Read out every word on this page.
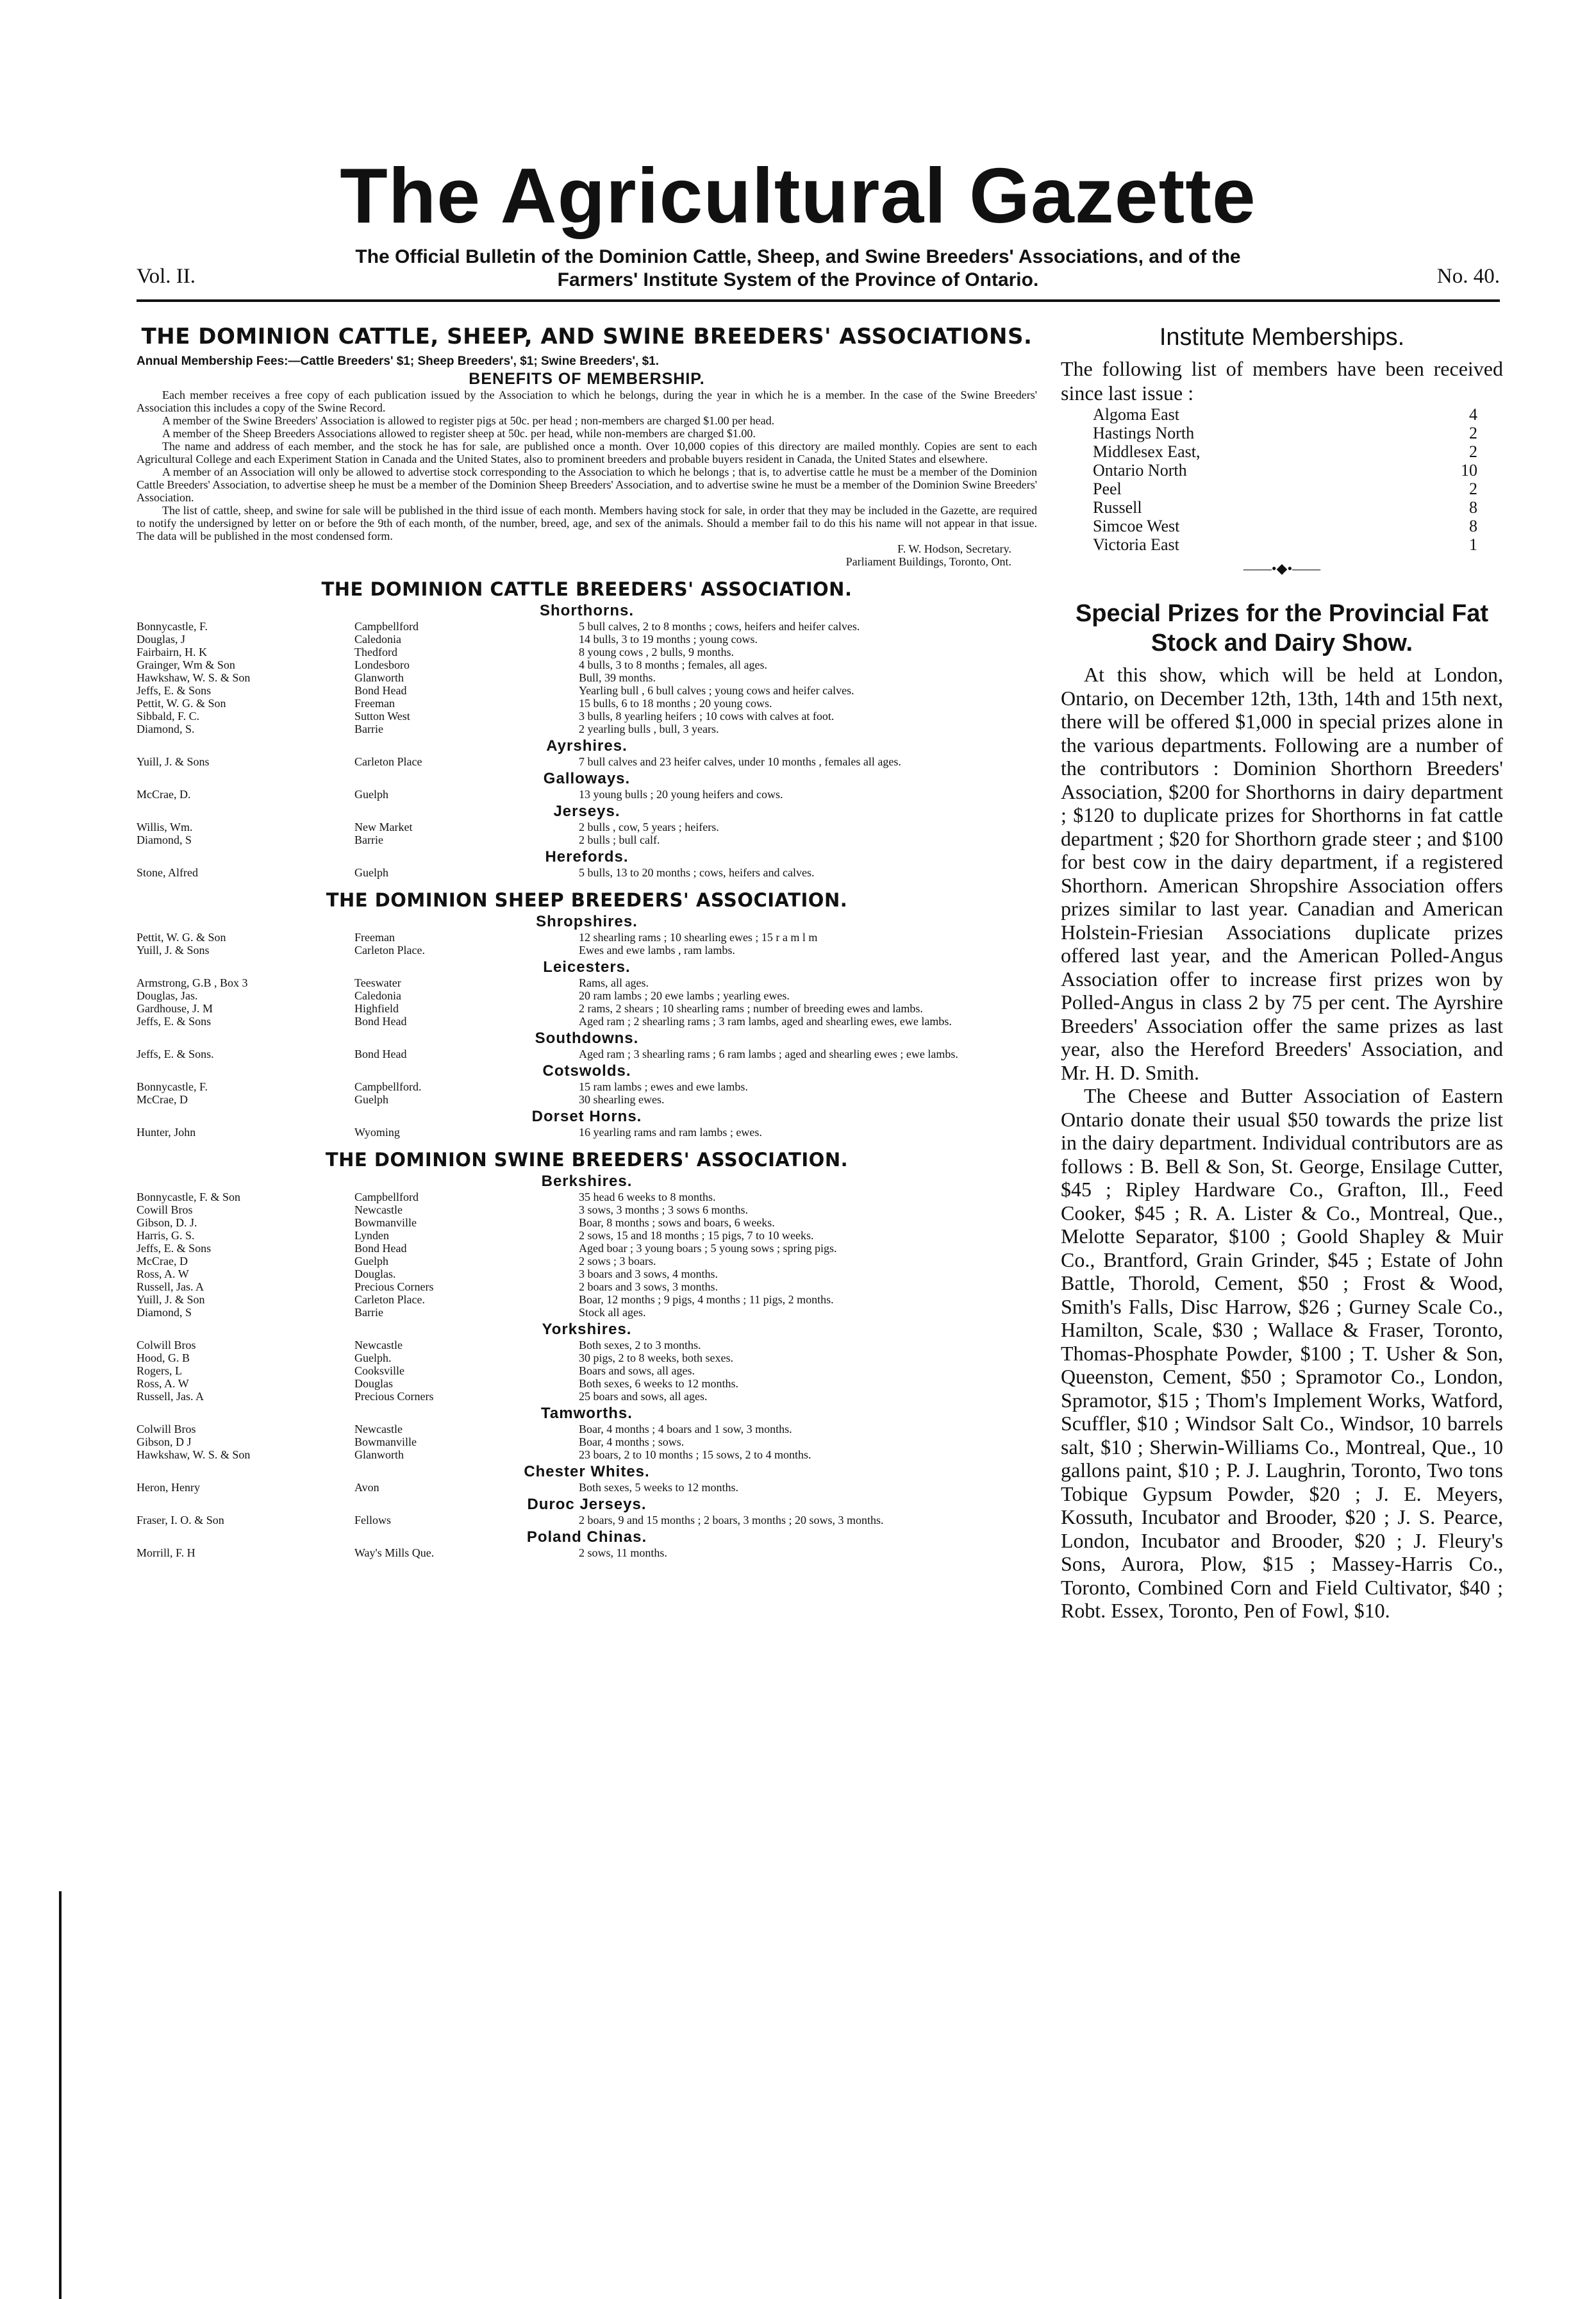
The Agricultural Gazette
The Official Bulletin of the Dominion Cattle, Sheep, and Swine Breeders' Associations, and of the
Farmers' Institute System of the Province of Ontario.
Vol. II.	No. 40.
THE DOMINION CATTLE, SHEEP, AND SWINE BREEDERS' ASSOCIATIONS.
Annual Membership Fees:—Cattle Breeders' $1; Sheep Breeders', $1; Swine Breeders', $1.
BENEFITS OF MEMBERSHIP.

Each member receives a free copy of each publication issued by the Association to which he belongs, during the year in which he is a member. In the case of the Swine Breeders' Association this includes a copy of the Swine Record.

A member of the Swine Breeders' Association is allowed to register pigs at 50c. per head ; non-members are charged $1.00 per head.

A member of the Sheep Breeders Associations allowed to register sheep at 50c. per head, while non-members are charged $1.00.

The name and address of each member, and the stock he has for sale, are published once a month. Over 10,000 copies of this directory are mailed monthly. Copies are sent to each Agricultural College and each Experiment Station in Canada and the United States, also to prominent breeders and probable buyers resident in Canada, the United States and elsewhere.

A member of an Association will only be allowed to advertise stock corresponding to the Association to which he belongs ; that is, to advertise cattle he must be a member of the Dominion Cattle Breeders' Association, to advertise sheep he must be a member of the Dominion Sheep Breeders' Association, and to advertise swine he must be a member of the Dominion Swine Breeders' Association.

The list of cattle, sheep, and swine for sale will be published in the third issue of each month. Members having stock for sale, in order that they may be included in the Gazette, are required to notify the undersigned by letter on or before the 9th of each month, of the number, breed, age, and sex of the animals. Should a member fail to do this his name will not appear in that issue. The data will be published in the most condensed form.

F. W. Hodson, Secretary.
Parliament Buildings, Toronto, Ont.
THE DOMINION CATTLE BREEDERS' ASSOCIATION.
Shorthorns.
Bonnycastle, F.	Campbellford	5 bull calves, 2 to 8 months ; cows, heifers and heifer calves.
Douglas, J	Caledonia	14 bulls, 3 to 19 months ; young cows.
Fairbairn, H. K	Thedford	8 young cows , 2 bulls, 9 months.
Grainger, Wm & Son	Londesboro	4 bulls, 3 to 8 months ; females, all ages.
Hawkshaw, W. S. & Son	Glanworth	Bull, 39 months.
Jeffs, E. & Sons	Bond Head	Yearling bull , 6 bull calves ; young cows and heifer calves.
Pettit, W. G. & Son	Freeman	15 bulls, 6 to 18 months ; 20 young cows.
Sibbald, F. C.	Sutton West	3 bulls, 8 yearling heifers ; 10 cows with calves at foot.
Diamond, S.	Barrie	2 yearling bulls , bull, 3 years.
Ayrshires.
Yuill, J. & Sons	Carleton Place	7 bull calves and 23 heifer calves, under 10 months , females all ages.
Galloways.
McCrae, D.	Guelph	13 young bulls ; 20 young heifers and cows.
Jerseys.
Willis, Wm.	New Market	2 bulls , cow, 5 years ; heifers.
Diamond, S	Barrie	2 bulls ; bull calf.
Herefords.
Stone, Alfred	Guelph	5 bulls, 13 to 20 months ; cows, heifers and calves.
THE DOMINION SHEEP BREEDERS' ASSOCIATION.
Shropshires.
Pettit, W. G. & Son	Freeman	12 shearling rams ; 10 shearling ewes ; 15 r a m l m
Yuill, J. & Sons	Carleton Place.	Ewes and ewe lambs , ram lambs.
Leicesters.
Armstrong, G.B , Box 3	Teeswater	Rams, all ages.
Douglas, Jas.	Caledonia	20 ram lambs ; 20 ewe lambs ; yearling ewes.
Gardhouse, J. M	Highfield	2 rams, 2 shears ; 10 shearling rams ; number of breeding ewes and lambs.
Jeffs, E. & Sons	Bond Head	Aged ram ; 2 shearling rams ; 3 ram lambs, aged and shearling ewes, ewe lambs.
Southdowns.
Jeffs, E. & Sons.	Bond Head	Aged ram ; 3 shearling rams ; 6 ram lambs ; aged and shearling ewes ; ewe lambs.
Cotswolds.
Bonnycastle, F.	Campbellford.	15 ram lambs ; ewes and ewe lambs.
McCrae, D	Guelph	30 shearling ewes.
Dorset Horns.
Hunter, John	Wyoming	16 yearling rams and ram lambs ; ewes.
THE DOMINION SWINE BREEDERS' ASSOCIATION.
Berkshires.
Bonnycastle, F. & Son	Campbellford	35 head 6 weeks to 8 months.
Cowill Bros	Newcastle	3 sows, 3 months ; 3 sows 6 months.
Gibson, D. J.	Bowmanville	Boar, 8 months ; sows and boars, 6 weeks.
Harris, G. S.	Lynden	2 sows, 15 and 18 months ; 15 pigs, 7 to 10 weeks.
Jeffs, E. & Sons	Bond Head	Aged boar ; 3 young boars ; 5 young sows ; spring pigs.
McCrae, D	Guelph	2 sows ; 3 boars.
Ross, A. W	Douglas.	3 boars and 3 sows, 4 months.
Russell, Jas. A	Precious Corners	2 boars and 3 sows, 3 months.
Yuill, J. & Son	Carleton Place.	Boar, 12 months ; 9 pigs, 4 months ; 11 pigs, 2 months.
Diamond, S	Barrie	Stock all ages.
Yorkshires.
Colwill Bros	Newcastle	Both sexes, 2 to 3 months.
Hood, G. B	Guelph.	30 pigs, 2 to 8 weeks, both sexes.
Rogers, L	Cooksville	Boars and sows, all ages.
Ross, A. W	Douglas	Both sexes, 6 weeks to 12 months.
Russell, Jas. A	Precious Corners	25 boars and sows, all ages.
Tamworths.
Colwill Bros	Newcastle	Boar, 4 months ; 4 boars and 1 sow, 3 months.
Gibson, D J	Bowmanville	Boar, 4 months ; sows.
Hawkshaw, W. S. & Son	Glanworth	23 boars, 2 to 10 months ; 15 sows, 2 to 4 months.
Chester Whites.
Heron, Henry	Avon	Both sexes, 5 weeks to 12 months.
Duroc Jerseys.
Fraser, I. O. & Son	Fellows	2 boars, 9 and 15 months ; 2 boars, 3 months ; 20 sows, 3 months.
Poland Chinas.
Morrill, F. H	Way's Mills Que.	2 sows, 11 months.
Institute Memberships.

The following list of members have been received since last issue :

Algoma East	4
Hastings North	2
Middlesex East,	2
Ontario North	10
Peel	2
Russell	8
Simcoe West	8
Victoria East	1
——•◆•——
Special Prizes for the Provincial Fat Stock and Dairy Show.

At this show, which will be held at London, Ontario, on December 12th, 13th, 14th and 15th next, there will be offered $1,000 in special prizes alone in the various departments. Following are a number of the contributors : Dominion Shorthorn Breeders' Association, $200 for Shorthorns in dairy department ; $120 to duplicate prizes for Shorthorns in fat cattle department ; $20 for Shorthorn grade steer ; and $100 for best cow in the dairy department, if a registered Shorthorn. American Shropshire Association offers prizes similar to last year. Canadian and American Holstein-Friesian Associations duplicate prizes offered last year, and the American Polled-Angus Association offer to increase first prizes won by Polled-Angus in class 2 by 75 per cent. The Ayrshire Breeders' Association offer the same prizes as last year, also the Hereford Breeders' Association, and Mr. H. D. Smith.

The Cheese and Butter Association of Eastern Ontario donate their usual $50 towards the prize list in the dairy department. Individual contributors are as follows : B. Bell & Son, St. George, Ensilage Cutter, $45 ; Ripley Hardware Co., Grafton, Ill., Feed Cooker, $45 ; R. A. Lister & Co., Montreal, Que., Melotte Separator, $100 ; Goold Shapley & Muir Co., Brantford, Grain Grinder, $45 ; Estate of John Battle, Thorold, Cement, $50 ; Frost & Wood, Smith's Falls, Disc Harrow, $26 ; Gurney Scale Co., Hamilton, Scale, $30 ; Wallace & Fraser, Toronto, Thomas-Phosphate Powder, $100 ; T. Usher & Son, Queenston, Cement, $50 ; Spramotor Co., London, Spramotor, $15 ; Thom's Implement Works, Watford, Scuffler, $10 ; Windsor Salt Co., Windsor, 10 barrels salt, $10 ; Sherwin-Williams Co., Montreal, Que., 10 gallons paint, $10 ; P. J. Laughrin, Toronto, Two tons Tobique Gypsum Powder, $20 ; J. E. Meyers, Kossuth, Incubator and Brooder, $20 ; J. S. Pearce, London, Incubator and Brooder, $20 ; J. Fleury's Sons, Aurora, Plow, $15 ; Massey-Harris Co., Toronto, Combined Corn and Field Cultivator, $40 ; Robt. Essex, Toronto, Pen of Fowl, $10.
